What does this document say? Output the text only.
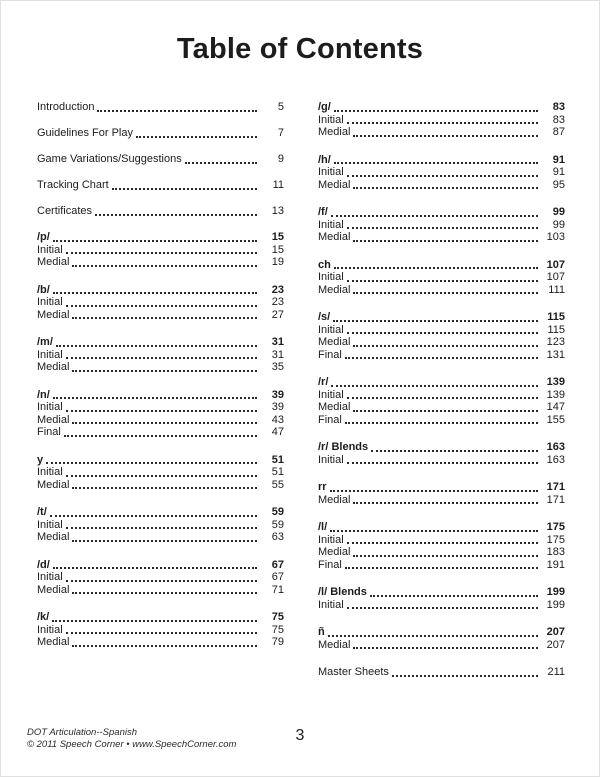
Table of Contents
Introduction	5
Guidelines For Play	7
Game Variations/Suggestions	9
Tracking Chart	11
Certificates	13
/p/	15
Initial	15
Medial	19
/b/	23
Initial	23
Medial	27
/m/	31
Initial	31
Medial	35
/n/	39
Initial	39
Medial	43
Final	47
y	51
Initial	51
Medial	55
/t/	59
Initial	59
Medial	63
/d/	67
Initial	67
Medial	71
/k/	75
Initial	75
Medial	79
/g/	83
Initial	83
Medial	87
/h/	91
Initial	91
Medial	95
/f/	99
Initial	99
Medial	103
ch	107
Initial	107
Medial	111
/s/	115
Initial	115
Medial	123
Final	131
/r/	139
Initial	139
Medial	147
Final	155
/r/ Blends	163
Initial	163
rr	171
Medial	171
/l/	175
Initial	175
Medial	183
Final	191
/l/ Blends	199
Initial	199
ñ	207
Medial	207
Master Sheets	211
DOT Articulation--Spanish
© 2011 Speech Corner • www.SpeechCorner.com
3
